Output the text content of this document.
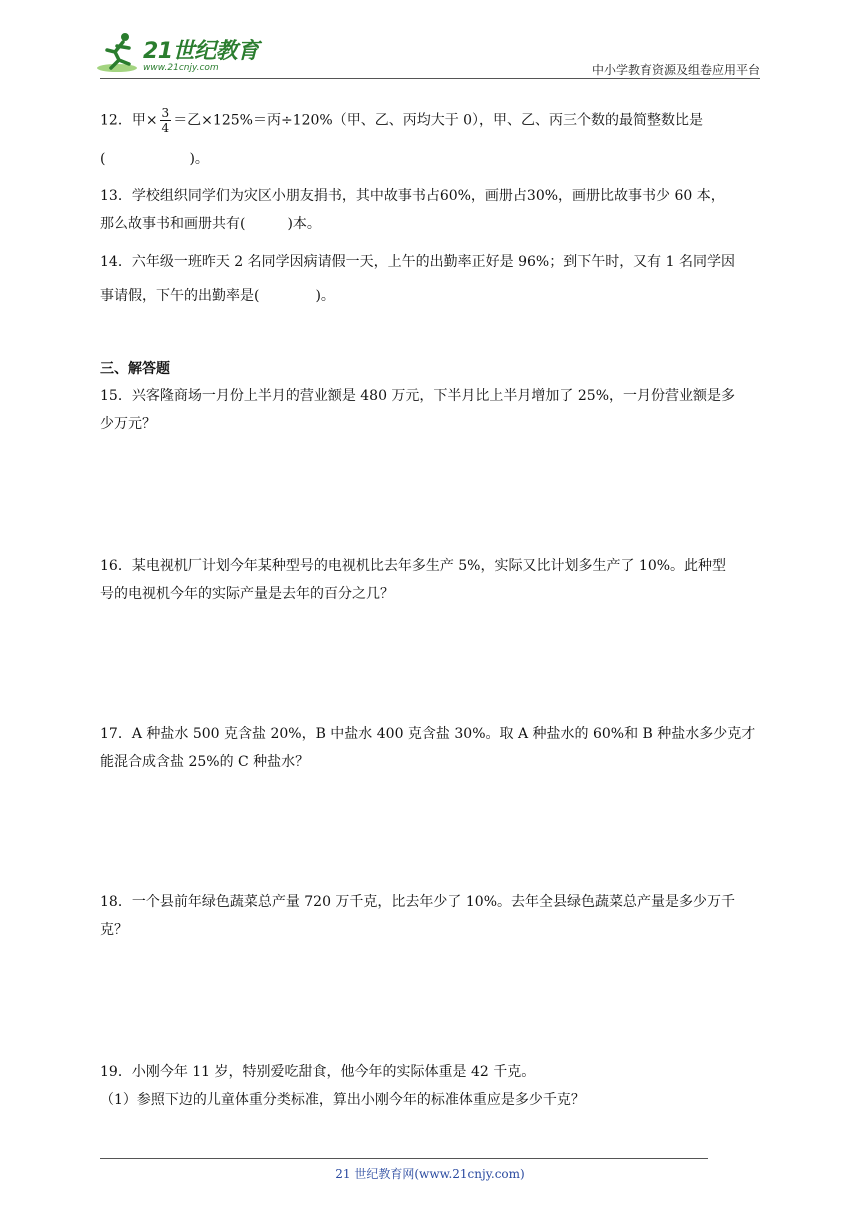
21世纪教育
www.21cnjy.com	中小学教育资源及组卷应用平台

12．甲× $\frac{3}{4}$ ＝乙×125%＝丙÷120%（甲、乙、丙均大于 0），甲、乙、丙三个数的最简整数比是

(　　　　　　)。

13．学校组织同学们为灾区小朋友捐书，其中故事书占60%，画册占30%，画册比故事书少 60 本，

那么故事书和画册共有(　　　)本。

14．六年级一班昨天 2 名同学因病请假一天，上午的出勤率正好是 96%；到下午时，又有 1 名同学因

事请假，下午的出勤率是(　　　　)。

三、解答题

15．兴客隆商场一月份上半月的营业额是 480 万元，下半月比上半月增加了 25%，一月份营业额是多

少万元？

16．某电视机厂计划今年某种型号的电视机比去年多生产 5%，实际又比计划多生产了 10%。此种型

号的电视机今年的实际产量是去年的百分之几？

17．A 种盐水 500 克含盐 20%，B 中盐水 400 克含盐 30%。取 A 种盐水的 60%和 B 种盐水多少克才

能混合成含盐 25%的 C 种盐水？

18．一个县前年绿色蔬菜总产量 720 万千克，比去年少了 10%。去年全县绿色蔬菜总产量是多少万千

克？

19．小刚今年 11 岁，特别爱吃甜食，他今年的实际体重是 42 千克。

（1）参照下边的儿童体重分类标准，算出小刚今年的标准体重应是多少千克？

21 世纪教育网(www.21cnjy.com)
